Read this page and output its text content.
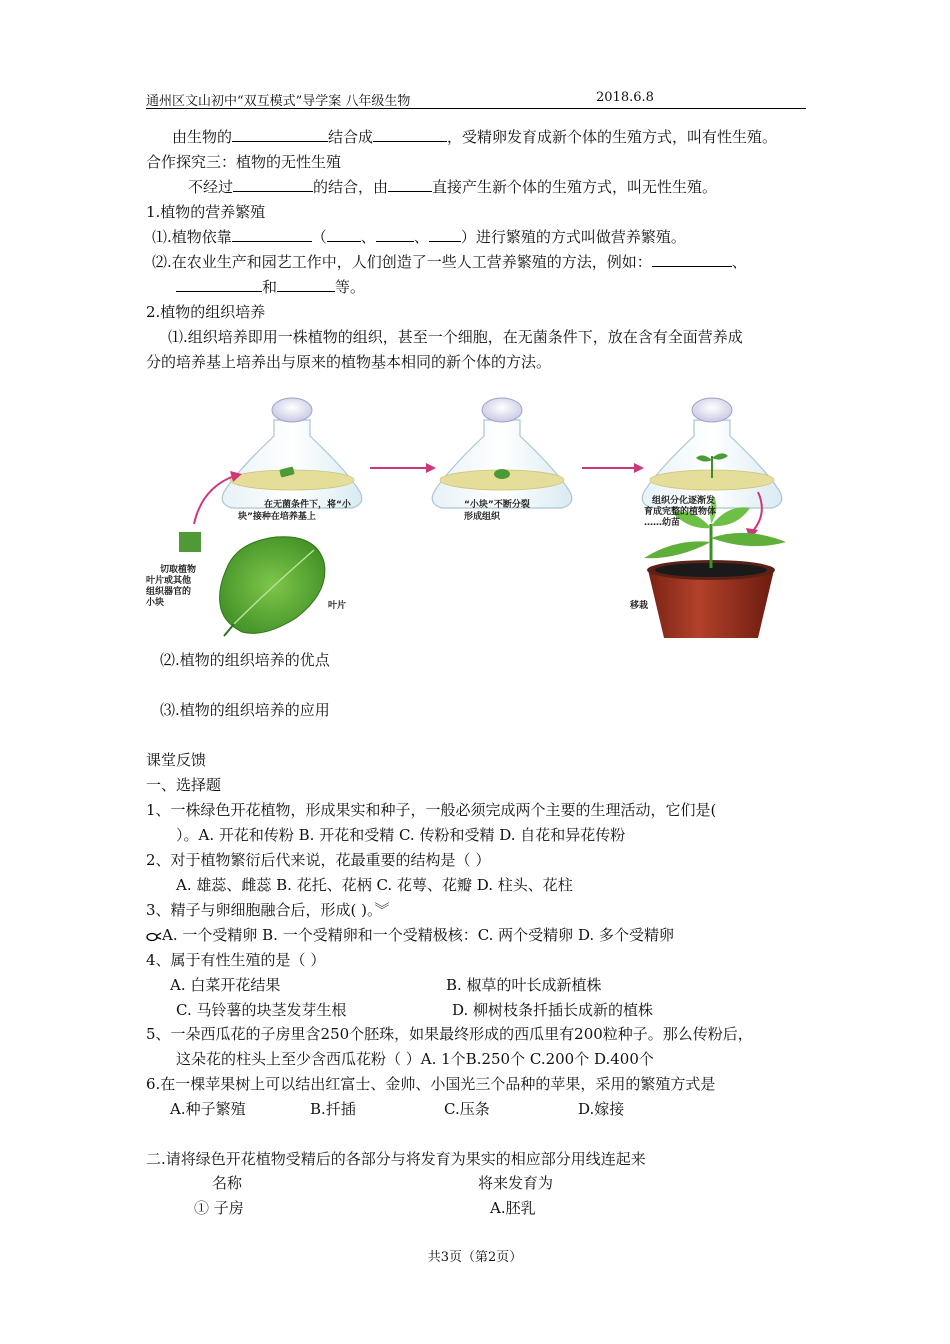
通州区文山初中“双互模式”导学案 八年级生物	2018.6.8
由生物的	结合成	，受精卵发育成新个体的生殖方式，叫有性生殖。
合作探究三：植物的无性生殖
不经过	的结合，由	直接产生新个体的生殖方式，叫无性生殖。
1.植物的营养繁殖
⑴.植物依靠	（ 、	、 ）进行繁殖的方式叫做营养繁殖。
⑵.在农业生产和园艺工作中，人们创造了一些人工营养繁殖的方法，例如：	、
和	等。
2.植物的组织培养
⑴.组织培养即用一株植物的组织，甚至一个细胞，在无菌条件下，放在含有全面营养成
分的培养基上培养出与原来的植物基本相同的新个体的方法。
在无菌条件下，将“小
块”接种在培养基上
“小块”不断分裂
形成组织
组织分化逐渐发
育成完整的植物体
……幼苗
切取植物
叶片或其他
组织器官的
小块	叶片	移栽
⑵.植物的组织培养的优点
⑶.植物的组织培养的应用
课堂反馈
一、选择题
1、一株绿色开花植物，形成果实和种子，一般必须完成两个主要的生理活动，它们是(
）。A. 开花和传粉 B. 开花和受精 C. 传粉和受精 D. 自花和异花传粉
2、对于植物繁衍后代来说，花最重要的结构是（ ）
A. 雄蕊、雌蕊 B. 花托、花柄 C. 花萼、花瓣 D. 柱头、花柱
3、精子与卵细胞融合后，形成( )。︾
A. 一个受精卵 B. 一个受精卵和一个受精极核：C. 两个受精卵 D. 多个受精卵
4、属于有性生殖的是（ ）
A. 白菜开花结果	B. 椒草的叶长成新植株
C. 马铃薯的块茎发芽生根	D. 柳树枝条扦插长成新的植株
5、一朵西瓜花的子房里含250个胚珠，如果最终形成的西瓜里有200粒种子。那么传粉后，
这朵花的柱头上至少含西瓜花粉（ ）A. 1个B.250个 C.200个 D.400个
6.在一棵苹果树上可以结出红富士、金帅、小国光三个品种的苹果，采用的繁殖方式是
A.种子繁殖	B.扦插	C.压条	D.嫁接
二.请将绿色开花植物受精后的各部分与将发育为果实的相应部分用线连起来
名称	将来发育为
① 子房	A.胚乳
共3页（第2页）
